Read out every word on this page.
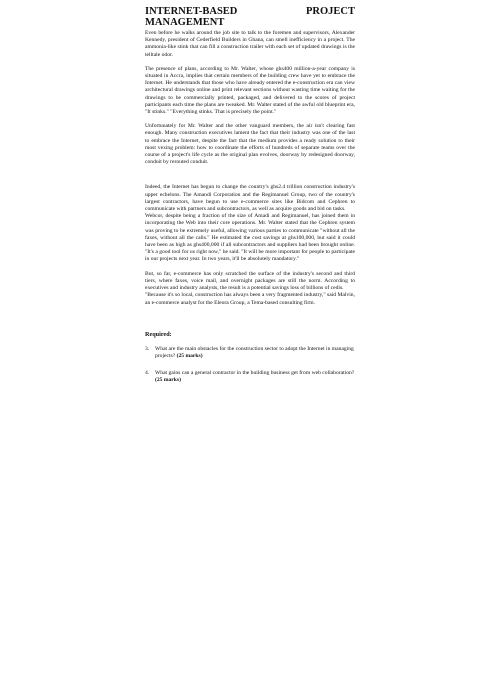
INTERNET-BASED MANAGEMENT
PROJECT

Even before he walks around the job site to talk to the foremen and supervisors, Alexander Kennedy, president of Cederfield Builders in Ghana, can smell inefficiency in a project. The ammonia-like stink that can fill a construction trailer with each set of updated drawings is the telltale odor.

The presence of plans, according to Mr. Walter, whose ghs400 million-a-year company is situated in Accra, implies that certain members of the building crew have yet to embrace the Internet. He understands that those who have already entered the e-construction era can view architectural drawings online and print relevant sections without wasting time waiting for the drawings to be commercially printed, packaged, and delivered to the scores of project participants each time the plans are tweaked. Mr. Walter stated of the awful old blueprint era, "It stinks." "Everything stinks. That is precisely the point."

Unfortunately for Mr. Walter and the other vanguard members, the air isn't clearing fast enough. Many construction executives lament the fact that their industry was one of the last to embrace the Internet, despite the fact that the medium provides a ready solution to their most vexing problem: how to coordinate the efforts of hundreds of separate teams over the course of a project's life cycle as the original plan evolves, doorway by redesigned doorway, conduit by rerouted conduit.

Indeed, the Internet has begun to change the country's ghs2.4 trillion construction industry's upper echelons. The Amandi Corporation and the Regimanuel Group, two of the country's largest contractors, have begun to use e-commerce sites like Bidcom and Cephren to communicate with partners and subcontractors, as well as acquire goods and bid on tasks.

Webcor, despite being a fraction of the size of Amadi and Regimanuel, has joined them in incorporating the Web into their core operations. Mr. Walter stated that the Cephren system was proving to be extremely useful, allowing various parties to communicate "without all the faxes, without all the calls." He estimated the cost savings at ghs100,000, but said it could have been as high as ghs400,000 if all subcontractors and suppliers had been brought online. "It's a good tool for us right now," he said. "It will be more important for people to participate in our projects next year. In two years, it'll be absolutely mandatory."

But, so far, e-commerce has only scratched the surface of the industry's second and third tiers, where faxes, voice mail, and overnight packages are still the norm. According to executives and industry analysts, the result is a potential savings loss of billions of cedis.

"Because it's so local, construction has always been a very fragmented industry," said Malvin, an e-commerce analyst for the Eleora Group, a Tema-based consulting firm.

Required:
3.	What are the main obstacles for the construction sector to adopt the Internet in managing projects? (25 marks)
4.	What gains can a general contractor in the building business get from web collaboration? (25 marks)
